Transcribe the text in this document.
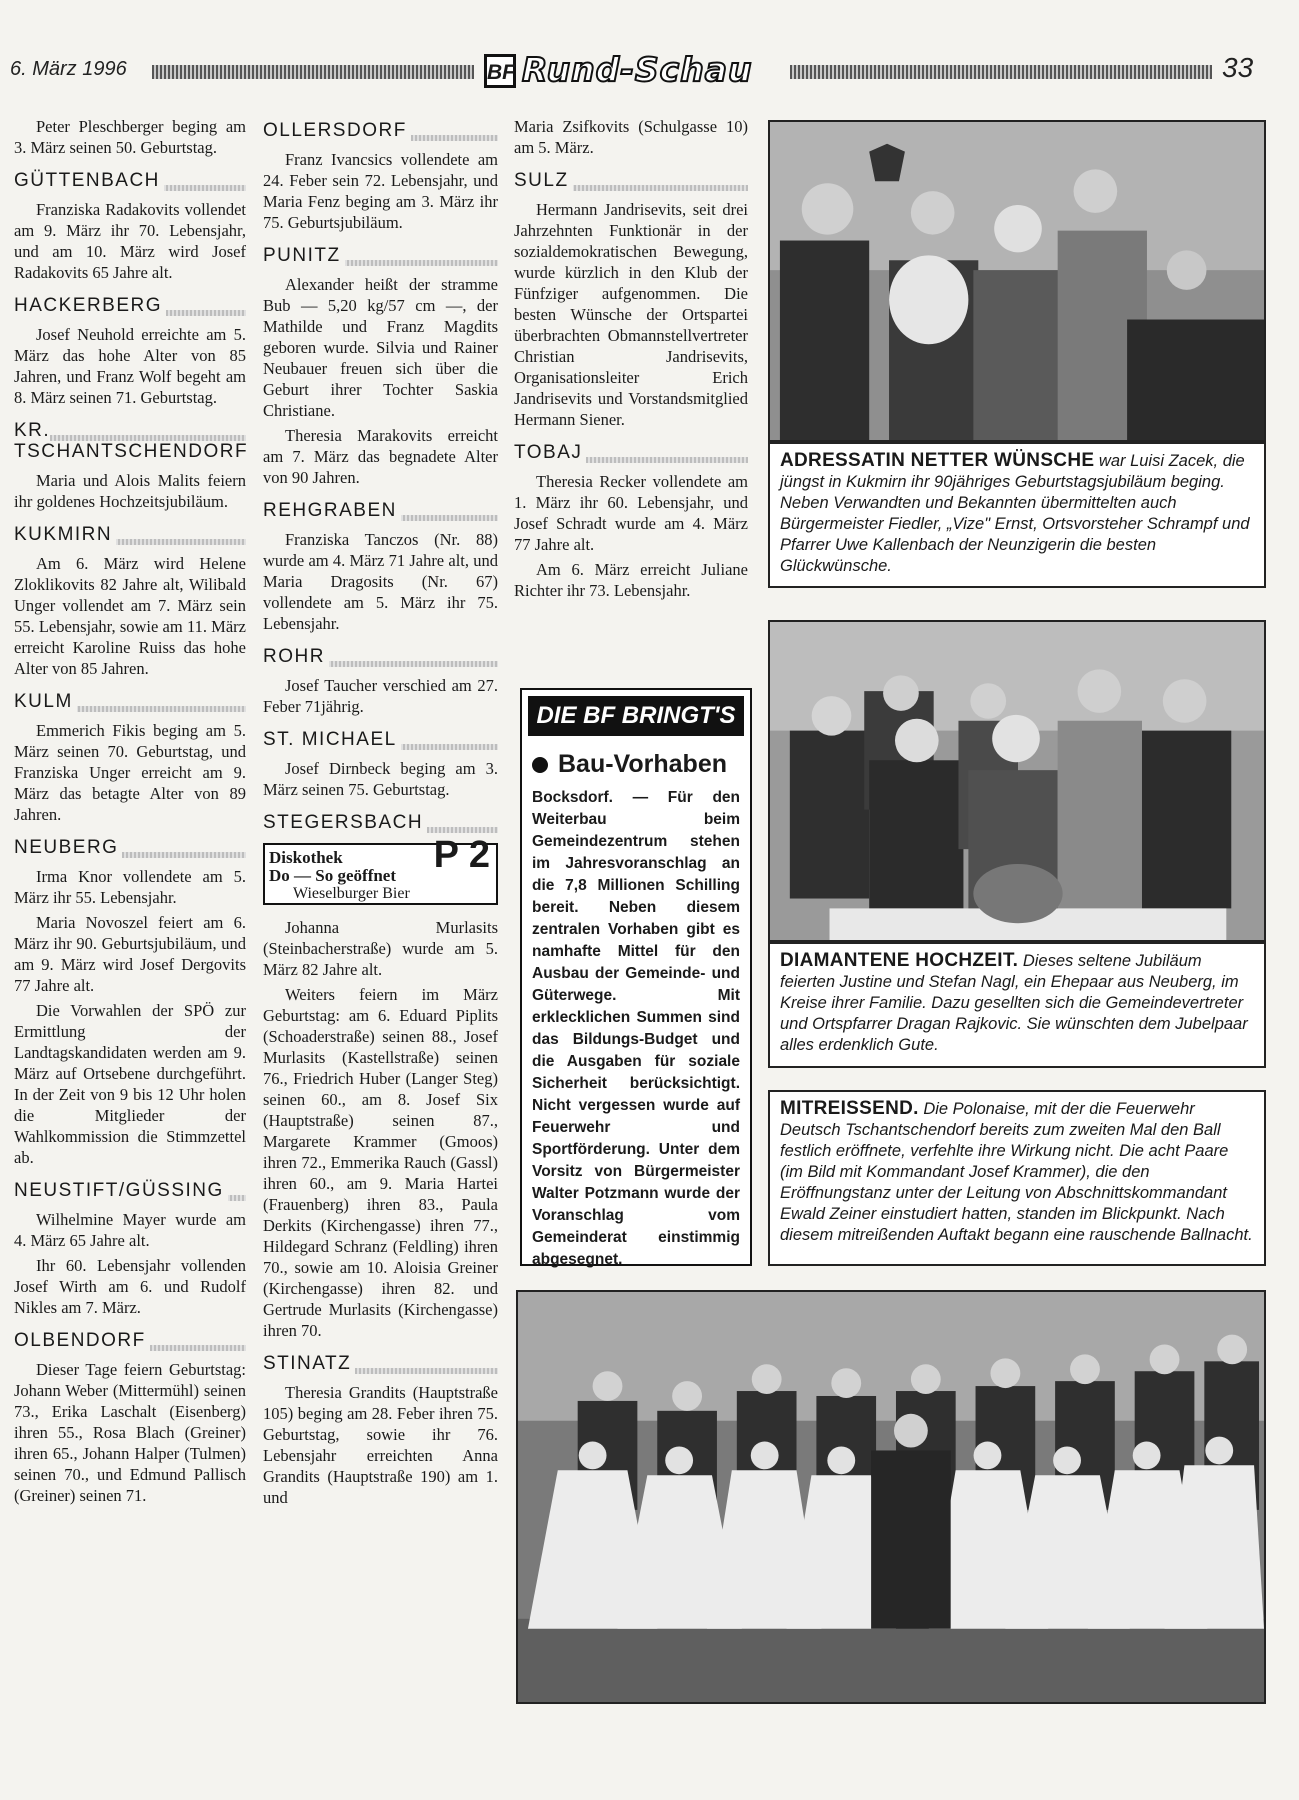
6. März 1996	BF Rund-Schau	33

Peter Pleschberger beging am 3. März seinen 50. Geburtstag.

GÜTTENBACH

Franziska Radakovits vollendet am 9. März ihr 70. Lebensjahr, und am 10. März wird Josef Radakovits 65 Jahre alt.

HACKERBERG

Josef Neuhold erreichte am 5. März das hohe Alter von 85 Jahren, und Franz Wolf begeht am 8. März seinen 71. Geburtstag.

KR. TSCHANTSCHENDORF

Maria und Alois Malits feiern ihr goldenes Hochzeitsjubiläum.

KUKMIRN

Am 6. März wird Helene Zloklikovits 82 Jahre alt, Wilibald Unger vollendet am 7. März sein 55. Lebensjahr, sowie am 11. März erreicht Karoline Ruiss das hohe Alter von 85 Jahren.

KULM

Emmerich Fikis beging am 5. März seinen 70. Geburtstag, und Franziska Unger erreicht am 9. März das betagte Alter von 89 Jahren.

NEUBERG

Irma Knor vollendete am 5. März ihr 55. Lebensjahr.

Maria Novoszel feiert am 6. März ihr 90. Geburtsjubiläum, und am 9. März wird Josef Dergovits 77 Jahre alt.

Die Vorwahlen der SPÖ zur Ermittlung der Landtagskandidaten werden am 9. März auf Ortsebene durchgeführt. In der Zeit von 9 bis 12 Uhr holen die Mitglieder der Wahlkommission die Stimmzettel ab.

NEUSTIFT/GÜSSING

Wilhelmine Mayer wurde am 4. März 65 Jahre alt.

Ihr 60. Lebensjahr vollenden Josef Wirth am 6. und Rudolf Nikles am 7. März.

OLBENDORF

Dieser Tage feiern Geburtstag: Johann Weber (Mittermühl) seinen 73., Erika Laschalt (Eisenberg) ihren 55., Rosa Blach (Greiner) ihren 65., Johann Halper (Tulmen) seinen 70., und Edmund Pallisch (Greiner) seinen 71.

OLLERSDORF

Franz Ivancsics vollendete am 24. Feber sein 72. Lebensjahr, und Maria Fenz beging am 3. März ihr 75. Geburtsjubiläum.

PUNITZ

Alexander heißt der stramme Bub — 5,20 kg/57 cm —, der Mathilde und Franz Magdits geboren wurde. Silvia und Rainer Neubauer freuen sich über die Geburt ihrer Tochter Saskia Christiane.

Theresia Marakovits erreicht am 7. März das begnadete Alter von 90 Jahren.

REHGRABEN

Franziska Tanczos (Nr. 88) wurde am 4. März 71 Jahre alt, und Maria Dragosits (Nr. 67) vollendete am 5. März ihr 75. Lebensjahr.

ROHR

Josef Taucher verschied am 27. Feber 71jährig.

ST. MICHAEL

Josef Dirnbeck beging am 3. März seinen 75. Geburtstag.

STEGERSBACH
Diskothek
Do — So geöffnet
Wieselburger Bier
P 2

Johanna Murlasits (Steinbacherstraße) wurde am 5. März 82 Jahre alt.

Weiters feiern im März Geburtstag: am 6. Eduard Piplits (Schoaderstraße) seinen 88., Josef Murlasits (Kastellstraße) seinen 76., Friedrich Huber (Langer Steg) seinen 60., am 8. Josef Six (Hauptstraße) seinen 87., Margarete Krammer (Gmoos) ihren 72., Emmerika Rauch (Gassl) ihren 60., am 9. Maria Hartei (Frauenberg) ihren 83., Paula Derkits (Kirchengasse) ihren 77., Hildegard Schranz (Feldling) ihren 70., sowie am 10. Aloisia Greiner (Kirchengasse) ihren 82. und Gertrude Murlasits (Kirchengasse) ihren 70.

STINATZ

Theresia Grandits (Hauptstraße 105) beging am 28. Feber ihren 75. Geburtstag, sowie ihr 76. Lebensjahr erreichten Anna Grandits (Hauptstraße 190) am 1. und

Maria Zsifkovits (Schulgasse 10) am 5. März.

SULZ

Hermann Jandrisevits, seit drei Jahrzehnten Funktionär in der sozialdemokratischen Bewegung, wurde kürzlich in den Klub der Fünfziger aufgenommen. Die besten Wünsche der Ortspartei überbrachten Obmannstellvertreter Christian Jandrisevits, Organisationsleiter Erich Jandrisevits und Vorstandsmitglied Hermann Siener.

TOBAJ

Theresia Recker vollendete am 1. März ihr 60. Lebensjahr, und Josef Schradt wurde am 4. März 77 Jahre alt.

Am 6. März erreicht Juliane Richter ihr 73. Lebensjahr.

DIE BF BRINGT'S
Bau-Vorhaben
Bocksdorf. — Für den Weiterbau beim Gemeindezentrum stehen im Jahresvoranschlag an die 7,8 Millionen Schilling bereit. Neben diesem zentralen Vorhaben gibt es namhafte Mittel für den Ausbau der Gemeinde- und Güterwege. Mit erklecklichen Summen sind das Bildungs-Budget und die Ausgaben für soziale Sicherheit berücksichtigt. Nicht vergessen wurde auf Feuerwehr und Sportförderung. Unter dem Vorsitz von Bürgermeister Walter Potzmann wurde der Voranschlag vom Gemeinderat einstimmig abgesegnet.
ADRESSATIN NETTER WÜNSCHE war Luisi Zacek, die jüngst in Kukmirn ihr 90jähriges Geburtstagsjubiläum beging. Neben Verwandten und Bekannten übermittelten auch Bürgermeister Fiedler, „Vize" Ernst, Ortsvorsteher Schrampf und Pfarrer Uwe Kallenbach der Neunzigerin die besten Glückwünsche.
DIAMANTENE HOCHZEIT. Dieses seltene Jubiläum feierten Justine und Stefan Nagl, ein Ehepaar aus Neuberg, im Kreise ihrer Familie. Dazu gesellten sich die Gemeindevertreter und Ortspfarrer Dragan Rajkovic. Sie wünschten dem Jubelpaar alles erdenklich Gute.
MITREISSEND. Die Polonaise, mit der die Feuerwehr Deutsch Tschantschendorf bereits zum zweiten Mal den Ball festlich eröffnete, verfehlte ihre Wirkung nicht. Die acht Paare (im Bild mit Kommandant Josef Krammer), die den Eröffnungstanz unter der Leitung von Abschnittskommandant Ewald Zeiner einstudiert hatten, standen im Blickpunkt. Nach diesem mitreißenden Auftakt begann eine rauschende Ballnacht.
